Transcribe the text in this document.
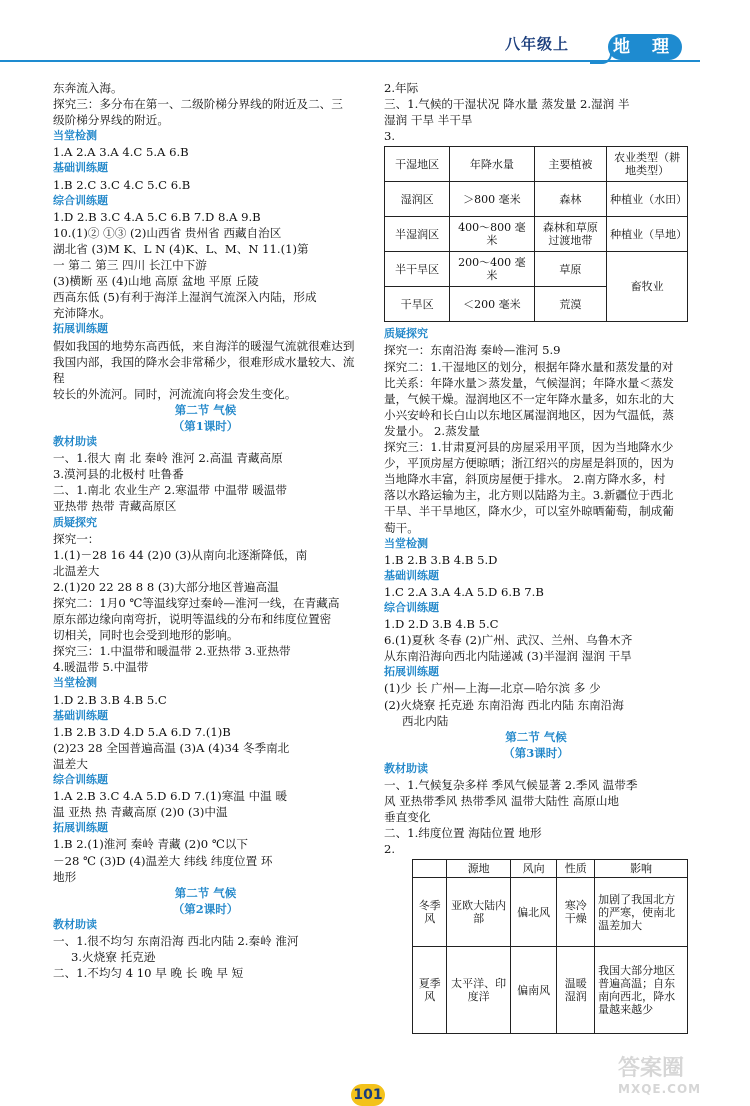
八年级上	地 理

东奔流入海。

探究三：多分布在第一、二级阶梯分界线的附近及二、三

级阶梯分界线的附近。

当堂检测

1.A 2.A 3.A 4.C 5.A 6.B

基础训练题

1.B 2.C 3.C 4.C 5.C 6.B

综合训练题

1.D 2.B 3.C 4.A 5.C 6.B 7.D 8.A 9.B

10.(1)② ①③ (2)山西省 贵州省 西藏自治区

湖北省 (3)M K、L N (4)K、L、M、N 11.(1)第

一 第二 第三 四川 长江中下游

(3)横断 巫 (4)山地 高原 盆地 平原 丘陵

西高东低 (5)有利于海洋上湿润气流深入内陆，形成

充沛降水。

拓展训练题

假如我国的地势东高西低，来自海洋的暖湿气流就很难达到

我国内部，我国的降水会非常稀少，很难形成水量较大、流程

较长的外流河。同时，河流流向将会发生变化。

第二节 气候

（第1课时）

教材助读

一、1.很大 南 北 秦岭 淮河 2.高温 青藏高原

3.漠河县的北极村 吐鲁番

二、1.南北 农业生产 2.寒温带 中温带 暖温带

亚热带 热带 青藏高原区

质疑探究

探究一：

1.(1)－28 16 44 (2)0 (3)从南向北逐渐降低，南

北温差大

2.(1)20 22 28 8 8 (3)大部分地区普遍高温

探究二：1月0 ℃等温线穿过秦岭—淮河一线，在青藏高

原东部边缘向南弯折，说明等温线的分布和纬度位置密

切相关，同时也会受到地形的影响。

探究三：1.中温带和暖温带 2.亚热带 3.亚热带

4.暖温带 5.中温带

当堂检测

1.D 2.B 3.B 4.B 5.C

基础训练题

1.B 2.B 3.D 4.D 5.A 6.D 7.(1)B

(2)23 28 全国普遍高温 (3)A (4)34 冬季南北

温差大

综合训练题

1.A 2.B 3.C 4.A 5.D 6.D 7.(1)寒温 中温 暖

温 亚热 热 青藏高原 (2)0 (3)中温

拓展训练题

1.B 2.(1)淮河 秦岭 青藏 (2)0 ℃以下

－28 ℃ (3)D (4)温差大 纬线 纬度位置 环

地形

第二节 气候

（第2课时）

教材助读

一、1.很不均匀 东南沿海 西北内陆 2.秦岭 淮河

3.火烧寮 托克逊

二、1.不均匀 4 10 早 晚 长 晚 早 短

2.年际

三、1.气候的干湿状况 降水量 蒸发量 2.湿润 半

湿润 干旱 半干旱

3.

干湿地区	年降水量	主要植被	农业类型（耕地类型）
湿润区	＞800 毫米	森林	种植业（水田）
半湿润区	400～800 毫米	森林和草原过渡地带	种植业（旱地）
半干旱区	200～400 毫米	草原	畜牧业
干旱区	＜200 毫米	荒漠	

质疑探究

探究一：东南沿海 秦岭—淮河 5.9

探究二：1.干湿地区的划分，根据年降水量和蒸发量的对

比关系：年降水量＞蒸发量，气候湿润；年降水量＜蒸发

量，气候干燥。湿润地区不一定年降水量多，如东北的大

小兴安岭和长白山以东地区属湿润地区，因为气温低，蒸

发量小。 2.蒸发量

探究三：1.甘肃夏河县的房屋采用平顶，因为当地降水少

少，平顶房屋方便晾晒；浙江绍兴的房屋是斜顶的，因为

当地降水丰富，斜顶房屋便于排水。 2.南方降水多，村

落以水路运输为主，北方则以陆路为主。3.新疆位于西北

干旱、半干旱地区，降水少，可以室外晾晒葡萄，制成葡

萄干。

当堂检测

1.B 2.B 3.B 4.B 5.D

基础训练题

1.C 2.A 3.A 4.A 5.D 6.B 7.B

综合训练题

1.D 2.D 3.B 4.B 5.C

6.(1)夏秋 冬春 (2)广州、武汉、兰州、乌鲁木齐

从东南沿海向西北内陆递减 (3)半湿润 湿润 干旱

拓展训练题

(1)少 长 广州—上海—北京—哈尔滨 多 少

(2)火烧寮 托克逊 东南沿海 西北内陆 东南沿海

西北内陆

第二节 气候

（第3课时）

教材助读

一、1.气候复杂多样 季风气候显著 2.季风 温带季

风 亚热带季风 热带季风 温带大陆性 高原山地

垂直变化

二、1.纬度位置 海陆位置 地形

2.

	源地	风向	性质	影响
冬季风	亚欧大陆内部	偏北风	寒冷干燥	加剧了我国北方的严寒，使南北温差加大
夏季风	太平洋、印度洋	偏南风	温暖湿润	我国大部分地区普遍高温；自东南向西北，降水量越来越少
101
答案圈
MXQE.COM
